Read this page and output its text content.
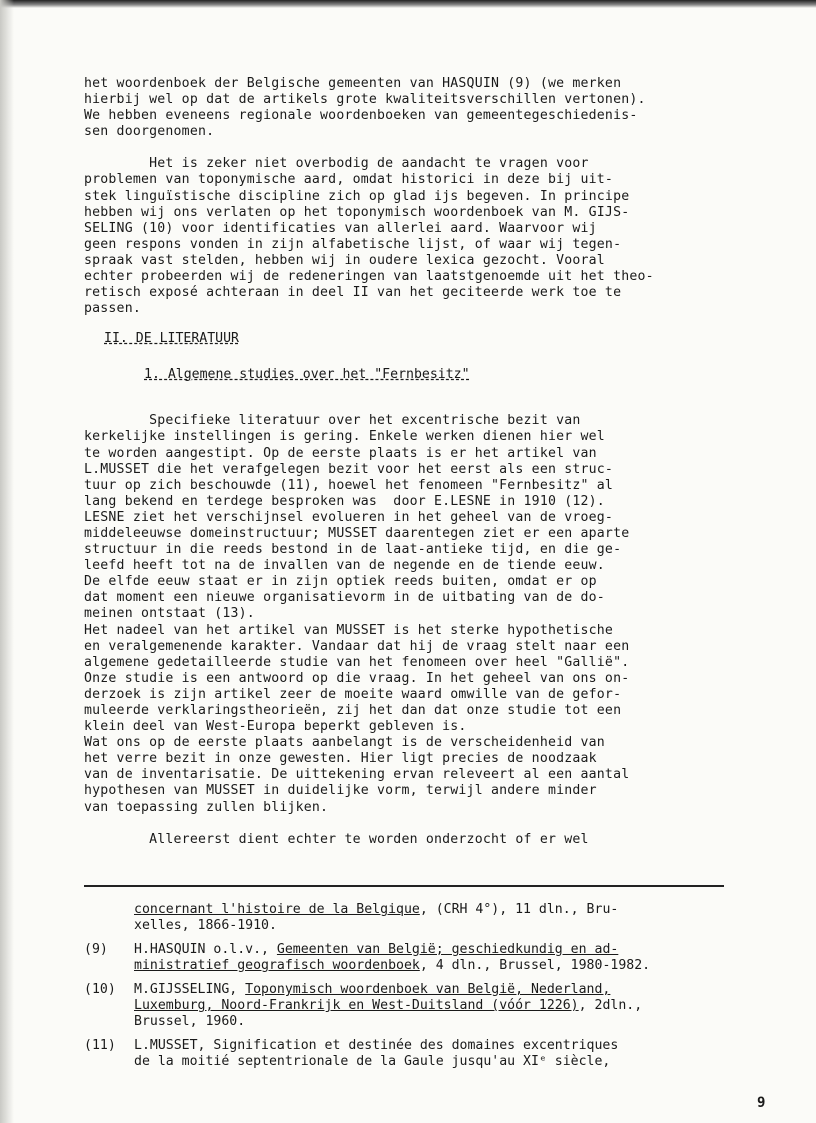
het woordenboek der Belgische gemeenten van HASQUIN (9) (we merken
hierbij wel op dat de artikels grote kwaliteitsverschillen vertonen).
We hebben eveneens regionale woordenboeken van gemeentegeschiedenis-
sen doorgenomen.

Het is zeker niet overbodig de aandacht te vragen voor
problemen van toponymische aard, omdat historici in deze bij uit-
stek linguïstische discipline zich op glad ijs begeven. In principe
hebben wij ons verlaten op het toponymisch woordenboek van M. GIJS-
SELING (10) voor identificaties van allerlei aard. Waarvoor wij
geen respons vonden in zijn alfabetische lijst, of waar wij tegen-
spraak vast stelden, hebben wij in oudere lexica gezocht. Vooral
echter probeerden wij de redeneringen van laatstgenoemde uit het theo-
retisch exposé achteraan in deel II van het geciteerde werk toe te
passen.

II. DE LITERATUUR
1. Algemene studies over het "Fernbesitz"

Specifieke literatuur over het excentrische bezit van
kerkelijke instellingen is gering. Enkele werken dienen hier wel
te worden aangestipt. Op de eerste plaats is er het artikel van
L.MUSSET die het verafgelegen bezit voor het eerst als een struc-
tuur op zich beschouwde (11), hoewel het fenomeen "Fernbesitz" al
lang bekend en terdege besproken was  door E.LESNE in 1910 (12).
LESNE ziet het verschijnsel evolueren in het geheel van de vroeg-
middeleeuwse domeinstructuur; MUSSET daarentegen ziet er een aparte
structuur in die reeds bestond in de laat-antieke tijd, en die ge-
leefd heeft tot na de invallen van de negende en de tiende eeuw.
De elfde eeuw staat er in zijn optiek reeds buiten, omdat er op
dat moment een nieuwe organisatievorm in de uitbating van de do-
meinen ontstaat (13).
Het nadeel van het artikel van MUSSET is het sterke hypothetische
en veralgemenende karakter. Vandaar dat hij de vraag stelt naar een
algemene gedetailleerde studie van het fenomeen over heel "Gallië".
Onze studie is een antwoord op die vraag. In het geheel van ons on-
derzoek is zijn artikel zeer de moeite waard omwille van de gefor-
muleerde verklaringstheorieën, zij het dan dat onze studie tot een
klein deel van West-Europa beperkt gebleven is.
Wat ons op de eerste plaats aanbelangt is de verscheidenheid van
het verre bezit in onze gewesten. Hier ligt precies de noodzaak
van de inventarisatie. De uittekening ervan releveert al een aantal
hypothesen van MUSSET in duidelijke vorm, terwijl andere minder
van toepassing zullen blijken.

Allereerst dient echter te worden onderzocht of er wel

concernant l'histoire de la Belgique, (CRH 4°), 11 dln., Bru-
xelles, 1866-1910.
(9)	H.HASQUIN o.l.v., Gemeenten van België; geschiedkundig en ad-
ministratief geografisch woordenboek, 4 dln., Brussel, 1980-1982.
(10)	M.GIJSSELING, Toponymisch woordenboek van België, Nederland,
Luxemburg, Noord-Frankrijk en West-Duitsland (vóór 1226), 2dln.,
Brussel, 1960.
(11)	L.MUSSET, Signification et destinée des domaines excentriques
de la moitié septentrionale de la Gaule jusqu'au XIᵉ siècle,
9
